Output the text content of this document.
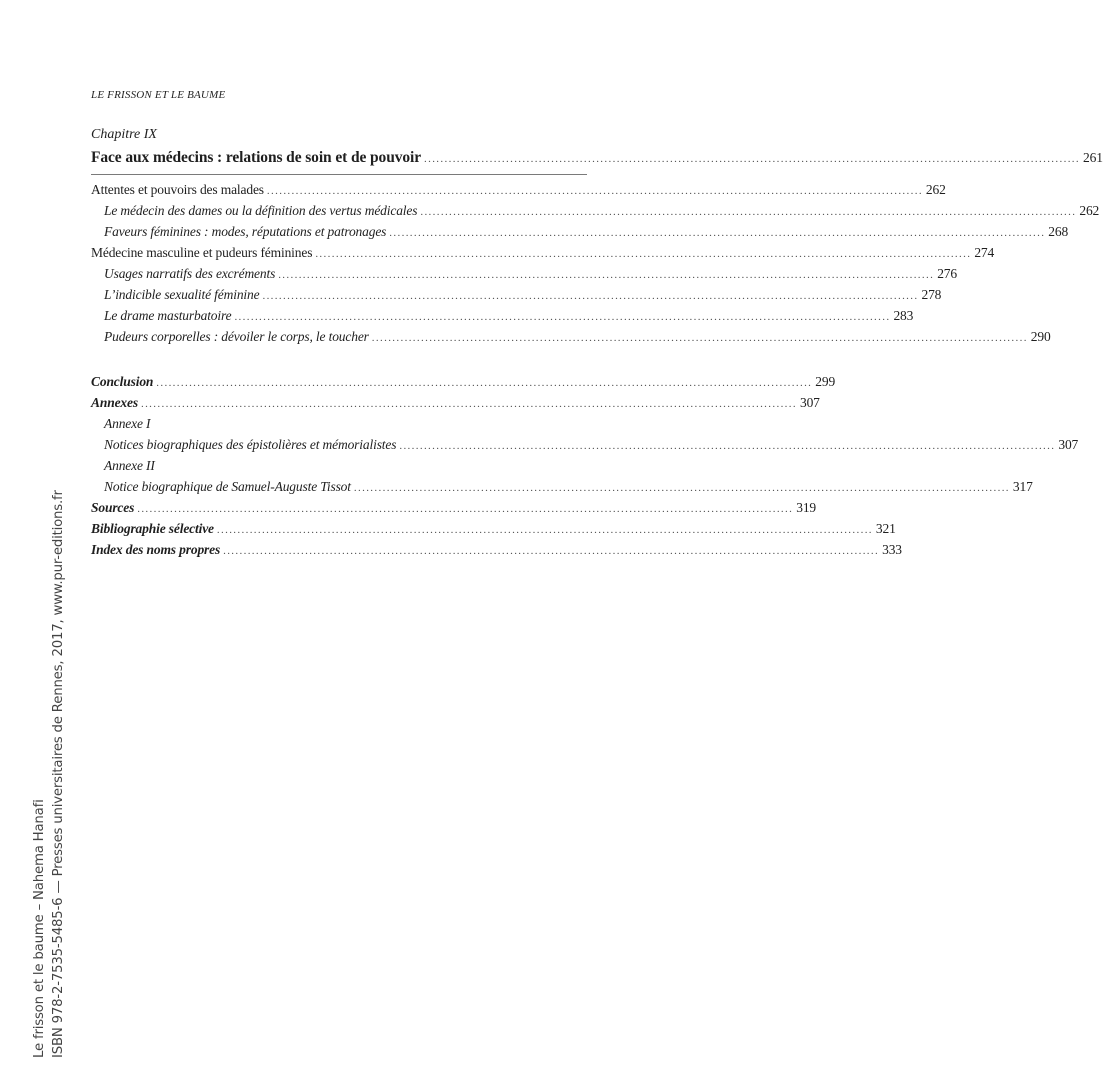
LE FRISSON ET LE BAUME
Chapitre IX
Face aux médecins : relations de soin et de pouvoir ................................................................................................................................................................ 261
Attentes et pouvoirs des malades ................................................................................................................................................................ 262
Le médecin des dames ou la définition des vertus médicales ................................................................................................................................................................ 262
Faveurs féminines : modes, réputations et patronages ................................................................................................................................................................ 268
Médecine masculine et pudeurs féminines ................................................................................................................................................................ 274
Usages narratifs des excréments ................................................................................................................................................................ 276
L’indicible sexualité féminine ................................................................................................................................................................ 278
Le drame masturbatoire ................................................................................................................................................................ 283
Pudeurs corporelles : dévoiler le corps, le toucher ................................................................................................................................................................ 290
Conclusion ................................................................................................................................................................ 299
Annexes ................................................................................................................................................................ 307
Annexe I
Notices biographiques des épistolières et mémorialistes ................................................................................................................................................................ 307
Annexe II
Notice biographique de Samuel-Auguste Tissot ................................................................................................................................................................ 317
Sources ................................................................................................................................................................ 319
Bibliographie sélective ................................................................................................................................................................ 321
Index des noms propres ................................................................................................................................................................ 333
Le frisson et le baume – Nahema Hanafi ISBN 978-2-7535-5485-6 — Presses universitaires de Rennes, 2017, www.pur-editions.fr
